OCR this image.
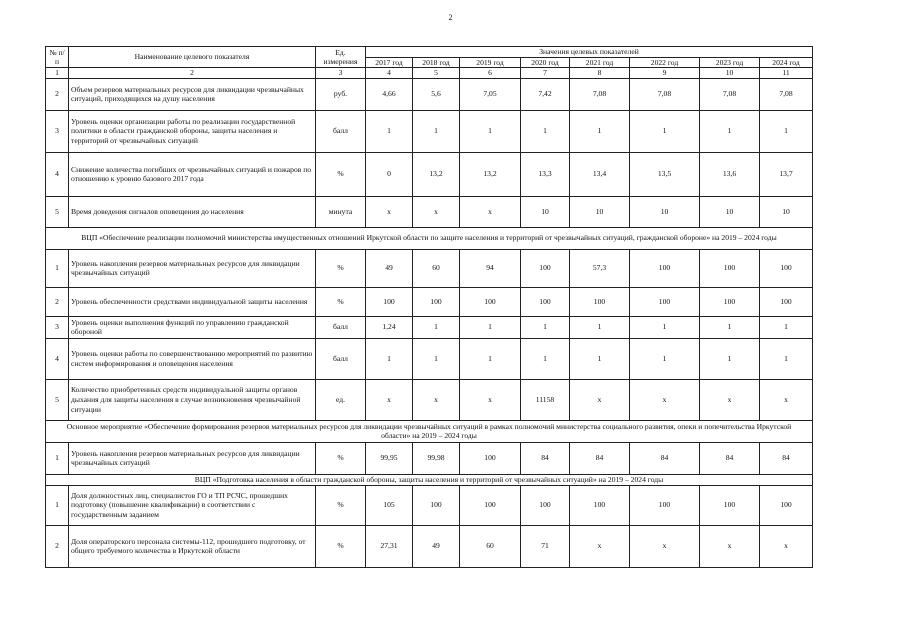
2
№ п/п	Наименование целевого показателя	Ед. измерения	Значения целевых показателей							
			2017 год	2018 год	2019 год	2020 год	2021 год	2022 год	2023 год	2024 год
1	2	3	4	5	6	7	8	9	10	11
2	Объем резервов материальных ресурсов для ликвидации чрезвычайных ситуаций, приходящихся на душу населения	руб.	4,66	5,6	7,05	7,42	7,08	7,08	7,08	7,08
3	Уровень оценки организации работы по реализации государственной политики в области гражданской обороны, защиты населения и территорий от чрезвычайных ситуаций	балл	1	1	1	1	1	1	1	1
4	Снижение количества погибших от чрезвычайных ситуаций и пожаров по отношению к уровню базового 2017 года	%	0	13,2	13,2	13,3	13,4	13,5	13,6	13,7
5	Время доведения сигналов оповещения до населения	минута	х	х	х	10	10	10	10	10
ВЦП «Обеспечение реализации полномочий министерства имущественных отношений Иркутской области по защите населения и территорий от чрезвычайных ситуаций, гражданской обороне» на 2019 – 2024 годы										
1	Уровень накопления резервов материальных ресурсов для ликвидации чрезвычайных ситуаций	%	49	60	94	100	57,3	100	100	100
2	Уровень обеспеченности средствами индивидуальной защиты населения	%	100	100	100	100	100	100	100	100
3	Уровень оценки выполнения функций по управлению гражданской обороной	балл	1,24	1	1	1	1	1	1	1
4	Уровень оценки работы по совершенствованию мероприятий по развитию систем информирования и оповещения населения	балл	1	1	1	1	1	1	1	1
5	Количество приобретенных средств индивидуальной защиты органов дыхания для защиты населения в случае возникновения чрезвычайной ситуации	ед.	х	х	х	11158	х	х	х	х
Основное мероприятие «Обеспечение формирования резервов материальных ресурсов для ликвидации чрезвычайных ситуаций в рамках полномочий министерства социального развития, опеки и попечительства Иркутской области» на 2019 – 2024 годы										
1	Уровень накопления резервов материальных ресурсов для ликвидации чрезвычайных ситуаций	%	99,95	99,98	100	84	84	84	84	84
ВЦП «Подготовка населения в области гражданской обороны, защиты населения и территорий от чрезвычайных ситуаций» на 2019 – 2024 годы										
1	Доля должностных лиц, специалистов ГО и ТП РСЧС, прошедших подготовку (повышение квалификации) в соответствии с государственным заданием	%	105	100	100	100	100	100	100	100
2	Доля операторского персонала системы-112, прошедшего подготовку, от общего требуемого количества в Иркутской области	%	27,31	49	60	71	х	х	х	х
